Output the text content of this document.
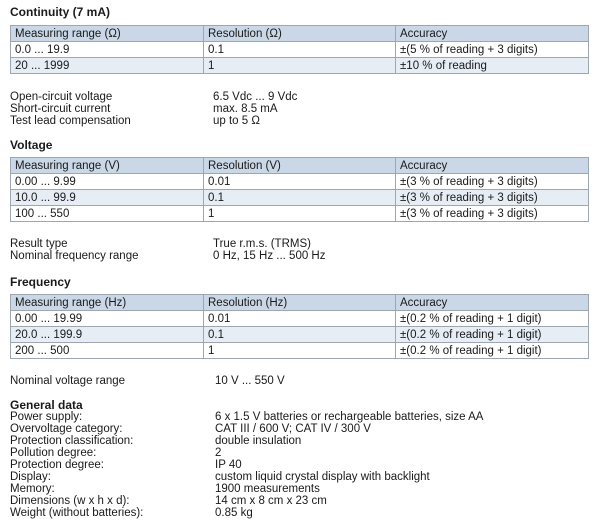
Continuity (7 mA)
Measuring range (Ω)	Resolution (Ω)	Accuracy
0.0 ... 19.9	0.1	±(5 % of reading + 3 digits)
20 ... 1999	1	±10 % of reading
Open-circuit voltage	6.5 Vdc ... 9 Vdc
Short-circuit current	max. 8.5 mA
Test lead compensation	up to 5 Ω
Voltage
Measuring range (V)	Resolution (V)	Accuracy
0.00 ... 9.99	0.01	±(3 % of reading + 3 digits)
10.0 ... 99.9	0.1	±(3 % of reading + 3 digits)
100 ... 550	1	±(3 % of reading + 3 digits)
Result type	True r.m.s. (TRMS)
Nominal frequency range	0 Hz, 15 Hz ... 500 Hz
Frequency
Measuring range (Hz)	Resolution (Hz)	Accuracy
0.00 ... 19.99	0.01	±(0.2 % of reading + 1 digit)
20.0 ... 199.9	0.1	±(0.2 % of reading + 1 digit)
200 ... 500	1	±(0.2 % of reading + 1 digit)
Nominal voltage range	10 V ... 550 V
General data
Power supply:	6 x 1.5 V batteries or rechargeable batteries, size AA
Overvoltage category:	CAT III / 600 V; CAT IV / 300 V
Protection classification:	double insulation
Pollution degree:	2
Protection degree:	IP 40
Display:	custom liquid crystal display with backlight
Memory:	1900 measurements
Dimensions (w x h x d):	14 cm x 8 cm x 23 cm
Weight (without batteries):	0.85 kg
